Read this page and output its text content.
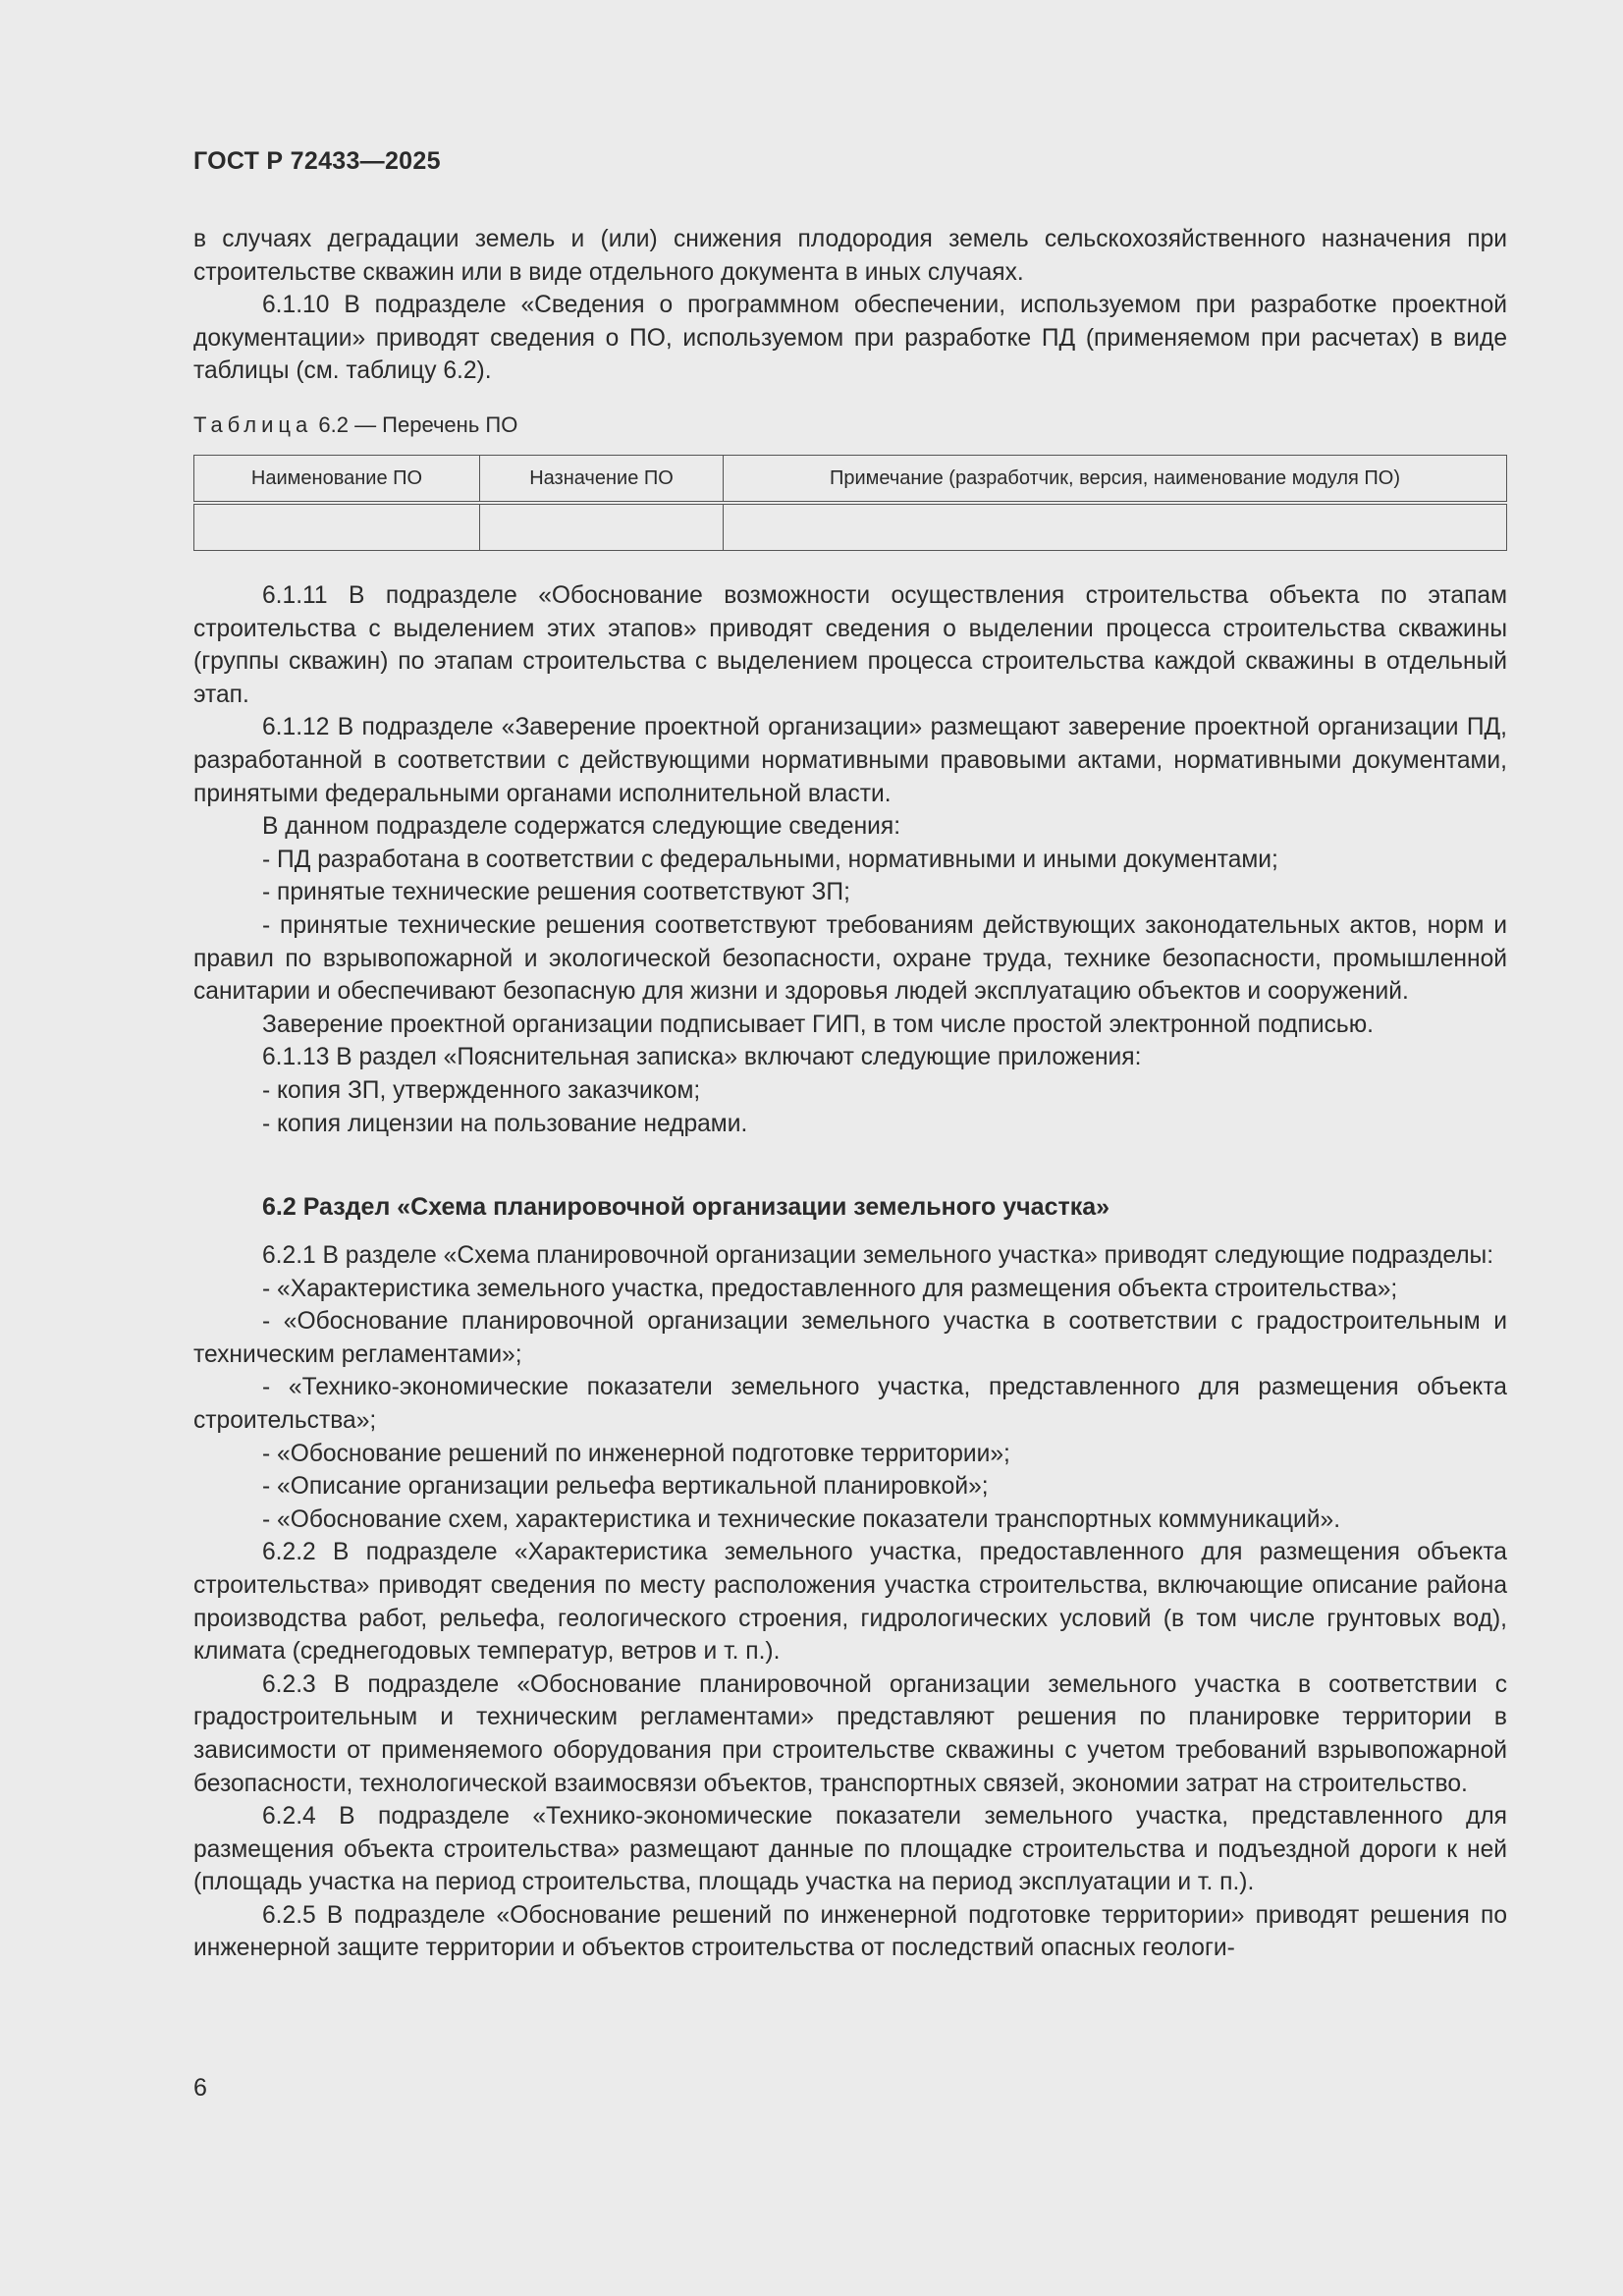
ГОСТ Р 72433—2025

в случаях деградации земель и (или) снижения плодородия земель сельскохозяйственного назначения при строительстве скважин или в виде отдельного документа в иных случаях.

6.1.10 В подразделе «Сведения о программном обеспечении, используемом при разработке проектной документации» приводят сведения о ПО, используемом при разработке ПД (применяемом при расчетах) в виде таблицы (см. таблицу 6.2).

Таблица 6.2 — Перечень ПО
Наименование ПО	Назначение ПО	Примечание (разработчик, версия, наименование модуля ПО)

6.1.11 В подразделе «Обоснование возможности осуществления строительства объекта по этапам строительства с выделением этих этапов» приводят сведения о выделении процесса строительства скважины (группы скважин) по этапам строительства с выделением процесса строительства каждой скважины в отдельный этап.

6.1.12 В подразделе «Заверение проектной организации» размещают заверение проектной организации ПД, разработанной в соответствии с действующими нормативными правовыми актами, нормативными документами, принятыми федеральными органами исполнительной власти.

В данном подразделе содержатся следующие сведения:

- ПД разработана в соответствии с федеральными, нормативными и иными документами;

- принятые технические решения соответствуют ЗП;

- принятые технические решения соответствуют требованиям действующих законодательных актов, норм и правил по взрывопожарной и экологической безопасности, охране труда, технике безопасности, промышленной санитарии и обеспечивают безопасную для жизни и здоровья людей эксплуатацию объектов и сооружений.

Заверение проектной организации подписывает ГИП, в том числе простой электронной подписью.

6.1.13 В раздел «Пояснительная записка» включают следующие приложения:

- копия ЗП, утвержденного заказчиком;

- копия лицензии на пользование недрами.

6.2 Раздел «Схема планировочной организации земельного участка»

6.2.1 В разделе «Схема планировочной организации земельного участка» приводят следующие подразделы:

- «Характеристика земельного участка, предоставленного для размещения объекта строительства»;

- «Обоснование планировочной организации земельного участка в соответствии с градостроительным и техническим регламентами»;

- «Технико-экономические показатели земельного участка, представленного для размещения объекта строительства»;

- «Обоснование решений по инженерной подготовке территории»;

- «Описание организации рельефа вертикальной планировкой»;

- «Обоснование схем, характеристика и технические показатели транспортных коммуникаций».

6.2.2 В подразделе «Характеристика земельного участка, предоставленного для размещения объекта строительства» приводят сведения по месту расположения участка строительства, включающие описание района производства работ, рельефа, геологического строения, гидрологических условий (в том числе грунтовых вод), климата (среднегодовых температур, ветров и т. п.).

6.2.3 В подразделе «Обоснование планировочной организации земельного участка в соответствии с градостроительным и техническим регламентами» представляют решения по планировке территории в зависимости от применяемого оборудования при строительстве скважины с учетом требований взрывопожарной безопасности, технологической взаимосвязи объектов, транспортных связей, экономии затрат на строительство.

6.2.4 В подразделе «Технико-экономические показатели земельного участка, представленного для размещения объекта строительства» размещают данные по площадке строительства и подъездной дороги к ней (площадь участка на период строительства, площадь участка на период эксплуатации и т. п.).

6.2.5 В подразделе «Обоснование решений по инженерной подготовке территории» приводят решения по инженерной защите территории и объектов строительства от последствий опасных геологи-

6
